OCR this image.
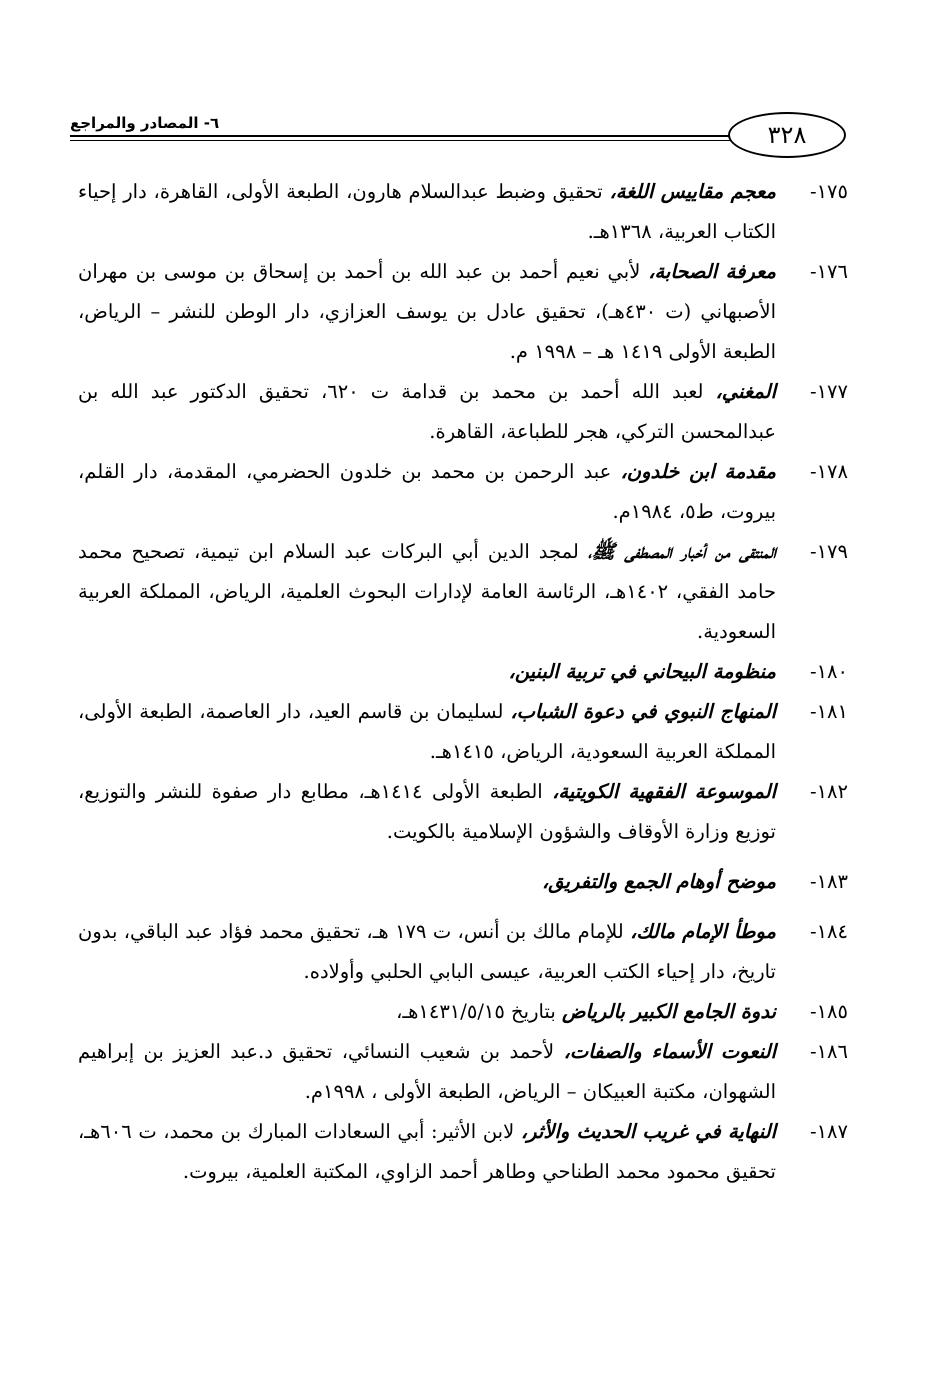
٣٢٨
٦- المصادر والمراجع
١٧٥-
معجم مقاييس اللغة، تحقيق وضبط عبدالسلام هارون، الطبعة الأولى، القاهرة، دار إحياء الكتاب العربية، ١٣٦٨هـ.
١٧٦-
معرفة الصحابة، لأبي نعيم أحمد بن عبد الله بن أحمد بن إسحاق بن موسى بن مهران الأصبهاني (ت ٤٣٠هـ)، تحقيق عادل بن يوسف العزازي، دار الوطن للنشر – الرياض، الطبعة الأولى ١٤١٩ هـ – ١٩٩٨ م.
١٧٧-
المغني، لعبد الله أحمد بن محمد بن قدامة ت ٦٢٠، تحقيق الدكتور عبد الله بن عبدالمحسن التركي، هجر للطباعة، القاهرة.
١٧٨-
مقدمة ابن خلدون، عبد الرحمن بن محمد بن خلدون الحضرمي، المقدمة، دار القلم، بيروت، ط٥، ١٩٨٤م.
١٧٩-
المنتقى من أخبار المصطفى ﷺ، لمجد الدين أبي البركات عبد السلام ابن تيمية، تصحيح محمد حامد الفقي، ١٤٠٢هـ، الرئاسة العامة لإدارات البحوث العلمية، الرياض، المملكة العربية السعودية.
١٨٠-
منظومة البيحاني في تربية البنين،
١٨١-
المنهاج النبوي في دعوة الشباب، لسليمان بن قاسم العيد، دار العاصمة، الطبعة الأولى، المملكة العربية السعودية، الرياض، ١٤١٥هـ.
١٨٢-
الموسوعة الفقهية الكويتية، الطبعة الأولى ١٤١٤هـ، مطابع دار صفوة للنشر والتوزيع، توزيع وزارة الأوقاف والشؤون الإسلامية بالكويت.
١٨٣-
موضح أوهام الجمع والتفريق،
١٨٤-
موطأ الإمام مالك، للإمام مالك بن أنس، ت ١٧٩ هـ، تحقيق محمد فؤاد عبد الباقي، بدون تاريخ، دار إحياء الكتب العربية، عيسى البابي الحلبي وأولاده.
١٨٥-
ندوة الجامع الكبير بالرياض بتاريخ ١٤٣١/٥/١٥هـ،
١٨٦-
النعوت الأسماء والصفات، لأحمد بن شعيب النسائي، تحقيق د.عبد العزيز بن إبراهيم الشهوان، مكتبة العبيكان – الرياض، الطبعة الأولى ، ١٩٩٨م.
١٨٧-
النهاية في غريب الحديث والأثر، لابن الأثير: أبي السعادات المبارك بن محمد، ت ٦٠٦هـ، تحقيق محمود محمد الطناحي وطاهر أحمد الزاوي، المكتبة العلمية، بيروت.
